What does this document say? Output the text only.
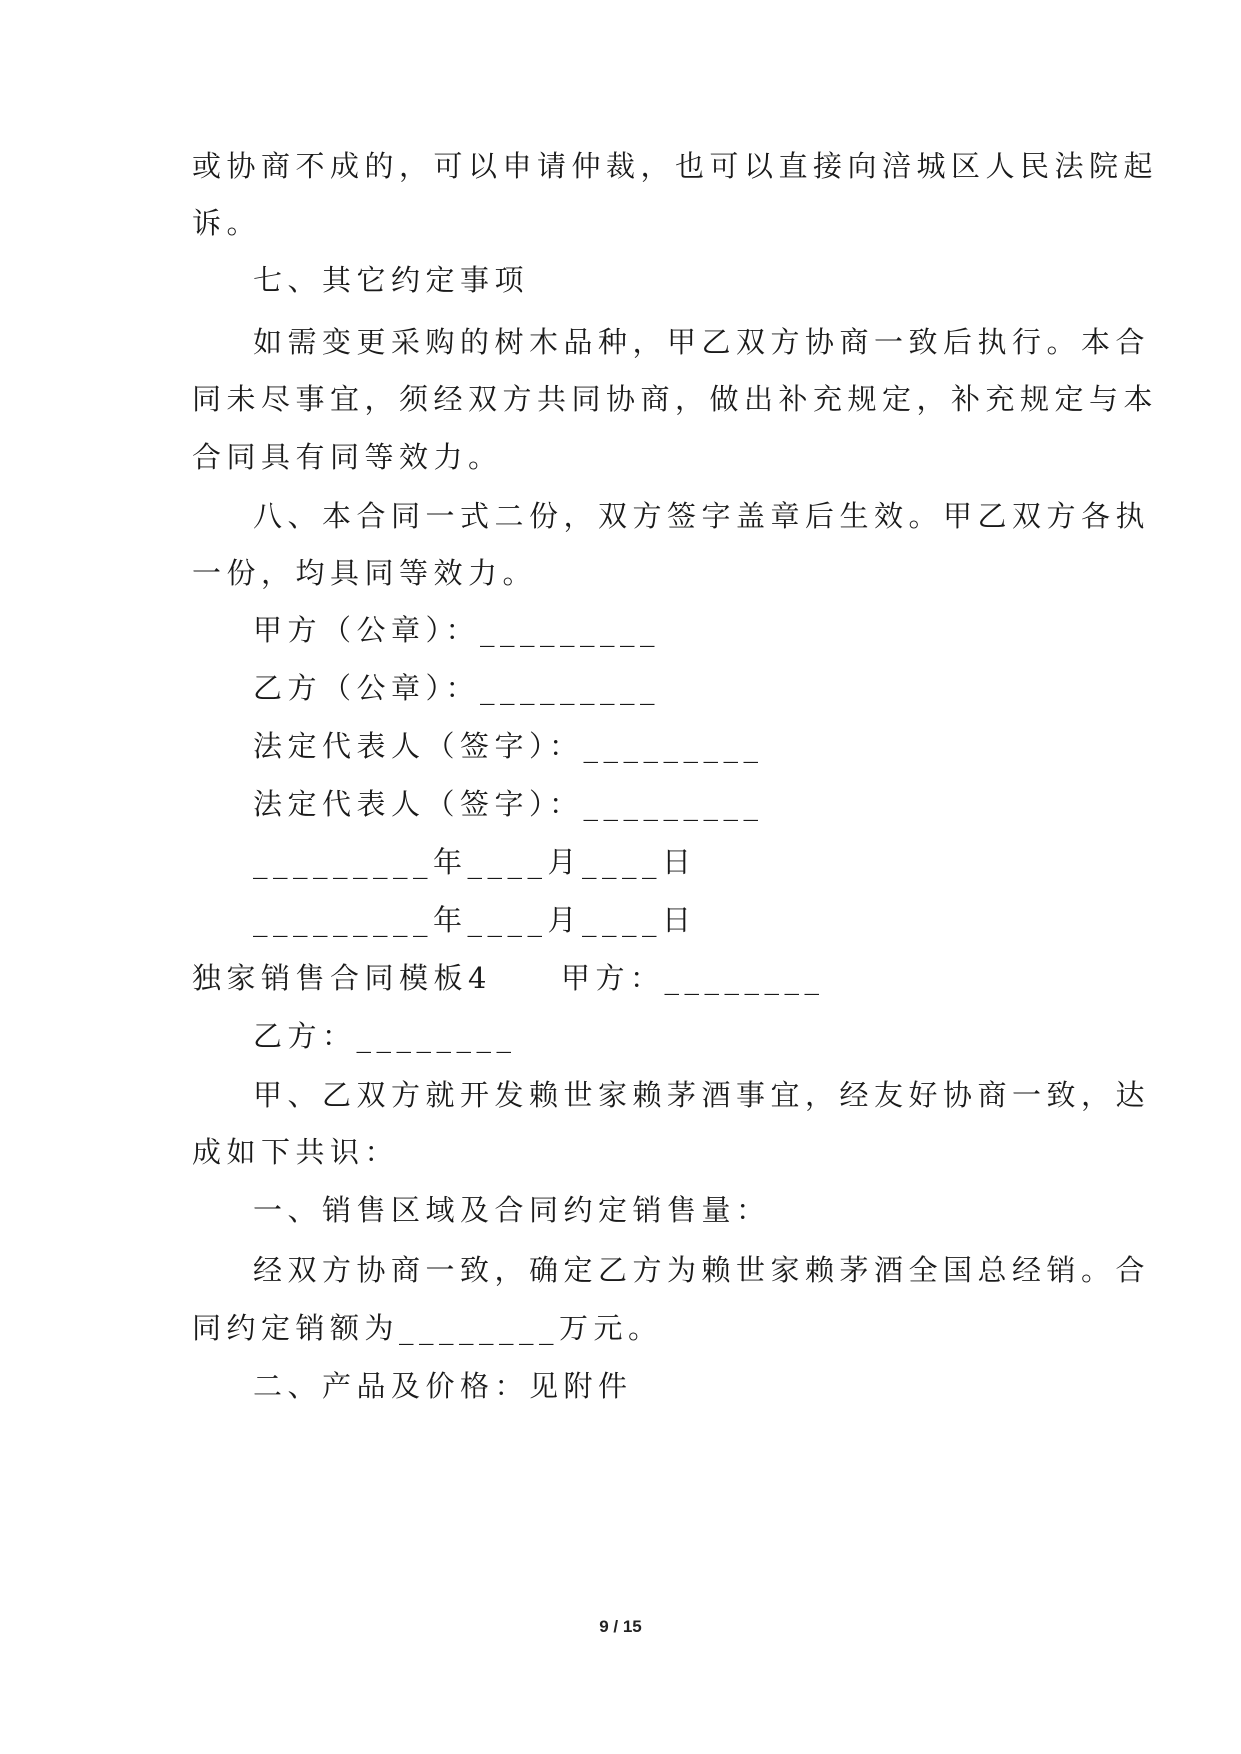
或协商不成的，可以申请仲裁，也可以直接向涪城区人民法院起
诉。
七、其它约定事项
如需变更采购的树木品种，甲乙双方协商一致后执行。本合
同未尽事宜，须经双方共同协商，做出补充规定，补充规定与本
合同具有同等效力。
八、本合同一式二份，双方签字盖章后生效。甲乙双方各执
一份，均具同等效力。
甲方（公章）：_________
乙方（公章）：_________
法定代表人（签字）：_________
法定代表人（签字）：_________
_________年____月____日
_________年____月____日
独家销售合同模板4　　甲方：________
乙方：________
甲、乙双方就开发赖世家赖茅酒事宜，经友好协商一致，达
成如下共识：
一、销售区域及合同约定销售量：
经双方协商一致，确定乙方为赖世家赖茅酒全国总经销。合
同约定销额为________万元。
二、产品及价格：见附件
9 / 15
